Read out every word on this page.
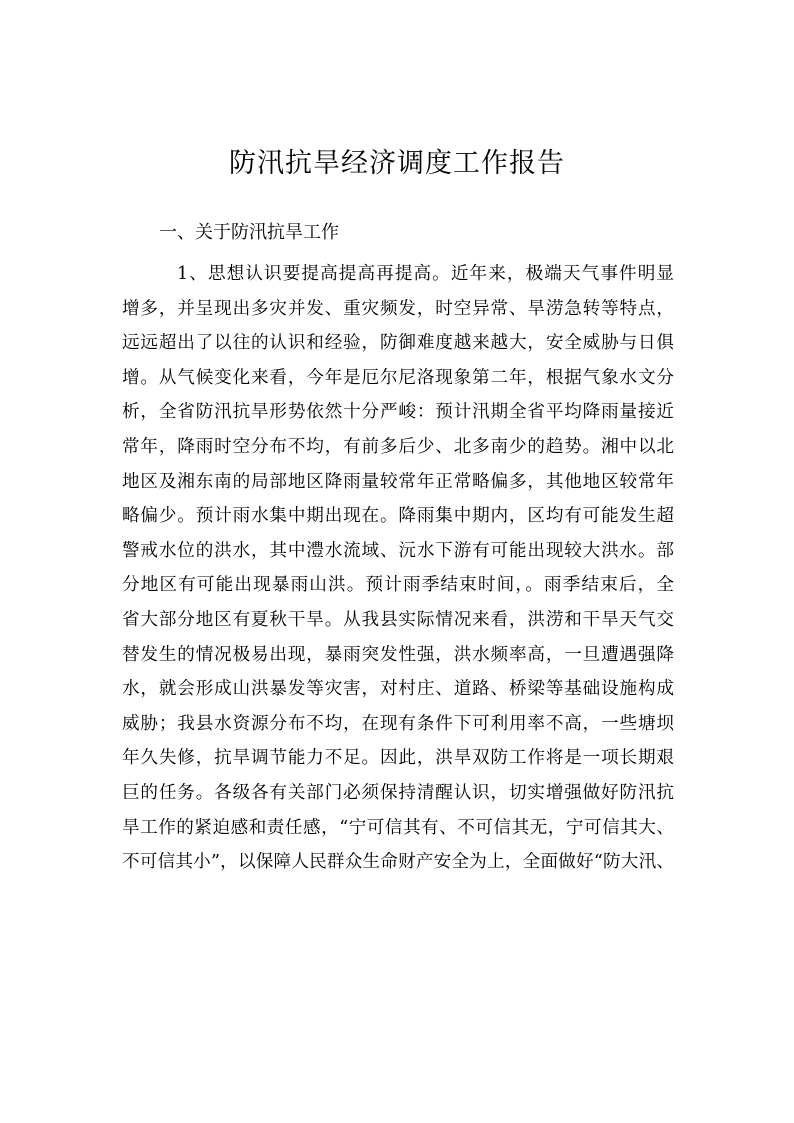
防汛抗旱经济调度工作报告

一、关于防汛抗旱工作

1、思想认识要提高提高再提高。近年来，极端天气事件明显
增多，并呈现出多灾并发、重灾频发，时空异常、旱涝急转等特点，
远远超出了以往的认识和经验，防御难度越来越大，安全威胁与日俱
增。从气候变化来看，今年是厄尔尼洛现象第二年，根据气象水文分
析，全省防汛抗旱形势依然十分严峻：预计汛期全省平均降雨量接近
常年，降雨时空分布不均，有前多后少、北多南少的趋势。湘中以北
地区及湘东南的局部地区降雨量较常年正常略偏多，其他地区较常年
略偏少。预计雨水集中期出现在。降雨集中期内，区均有可能发生超
警戒水位的洪水，其中澧水流域、沅水下游有可能出现较大洪水。部
分地区有可能出现暴雨山洪。预计雨季结束时间，。雨季结束后，全
省大部分地区有夏秋干旱。从我县实际情况来看，洪涝和干旱天气交
替发生的情况极易出现，暴雨突发性强，洪水频率高，一旦遭遇强降
水，就会形成山洪暴发等灾害，对村庄、道路、桥梁等基础设施构成
威胁；我县水资源分布不均，在现有条件下可利用率不高，一些塘坝
年久失修，抗旱调节能力不足。因此，洪旱双防工作将是一项长期艰
巨的任务。各级各有关部门必须保持清醒认识，切实增强做好防汛抗
旱工作的紧迫感和责任感，“宁可信其有、不可信其无，宁可信其大、
不可信其小”，以保障人民群众生命财产安全为上，全面做好“防大汛、
